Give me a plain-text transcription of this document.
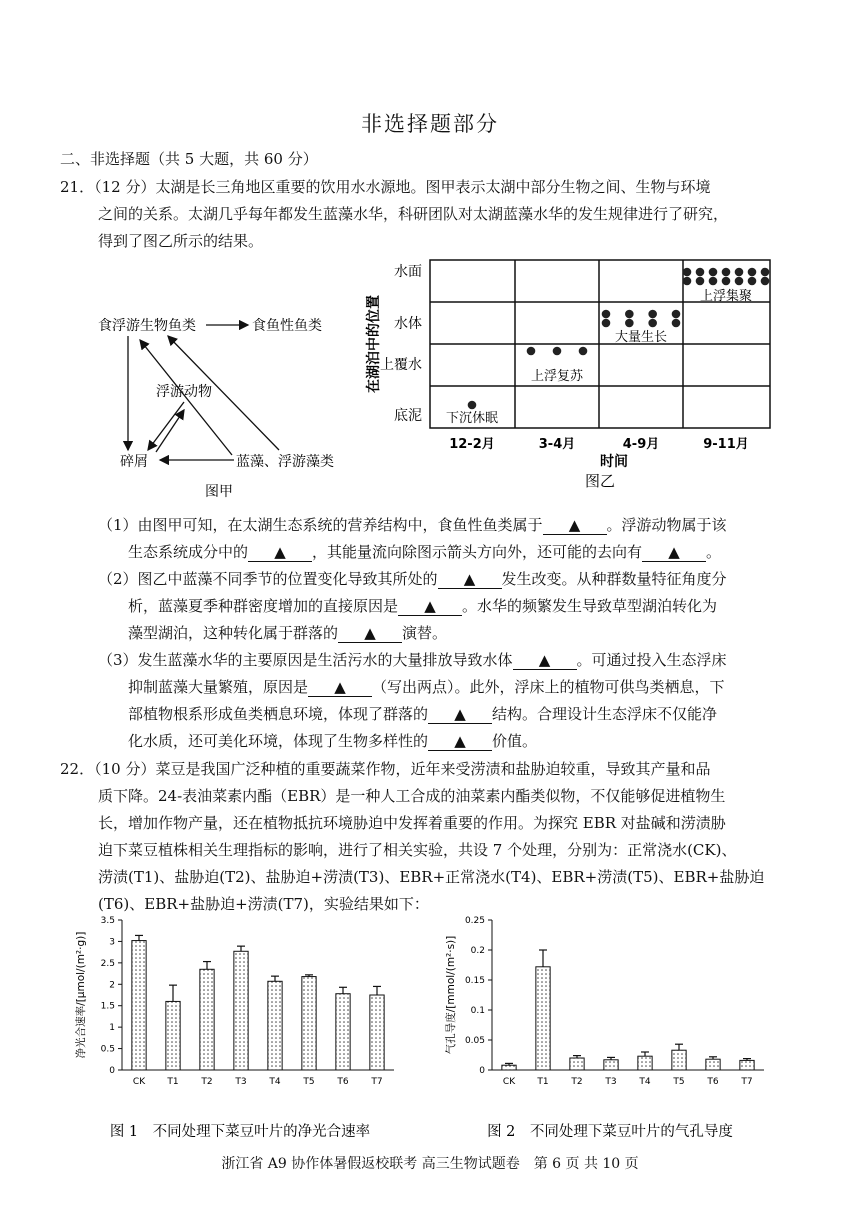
非选择题部分
二、非选择题（共 5 大题，共 60 分）
21．（12 分）太湖是长三角地区重要的饮用水水源地。图甲表示太湖中部分生物之间、生物与环境
之间的关系。太湖几乎每年都发生蓝藻水华，科研团队对太湖蓝藻水华的发生规律进行了研究，
得到了图乙所示的结果。
食浮游生物鱼类	食鱼性鱼类
浮游动物
碎屑	蓝藻、浮游藻类
图甲
水面
水体
上覆水
底泥
在湖泊中的位置
12-2月	3-4月	4-9月	9-11月
时间
图乙
下沉休眠
上浮复苏
大量生长
上浮集聚
（1）由图甲可知，在太湖生态系统的营养结构中，食鱼性鱼类属于 ▲ 。浮游动物属于该
生态系统成分中的 ▲ ，其能量流向除图示箭头方向外，还可能的去向有 ▲ 。
（2）图乙中蓝藻不同季节的位置变化导致其所处的 ▲ 发生改变。从种群数量特征角度分
析，蓝藻夏季种群密度增加的直接原因是 ▲ 。水华的频繁发生导致草型湖泊转化为
藻型湖泊，这种转化属于群落的 ▲ 演替。
（3）发生蓝藻水华的主要原因是生活污水的大量排放导致水体 ▲ 。可通过投入生态浮床
抑制蓝藻大量繁殖，原因是 ▲ （写出两点）。此外，浮床上的植物可供鸟类栖息，下
部植物根系形成鱼类栖息环境，体现了群落的 ▲ 结构。合理设计生态浮床不仅能净
化水质，还可美化环境，体现了生物多样性的 ▲ 价值。
22．（10 分）菜豆是我国广泛种植的重要蔬菜作物，近年来受涝渍和盐胁迫较重，导致其产量和品
质下降。24-表油菜素内酯（EBR）是一种人工合成的油菜素内酯类似物，不仅能够促进植物生
长，增加作物产量，还在植物抵抗环境胁迫中发挥着重要的作用。为探究 EBR 对盐碱和涝渍胁
迫下菜豆植株相关生理指标的影响，进行了相关实验，共设 7 个处理，分别为：正常浇水(CK)、
涝渍(T1)、盐胁迫(T2)、盐胁迫+涝渍(T3)、EBR+正常浇水(T4)、EBR+涝渍(T5)、EBR+盐胁迫
(T6)、EBR+盐胁迫+涝渍(T7)，实验结果如下：
0
0.5
1
1.5
2
2.5
3
3.5
CK T1	T2	T3	T4	T5	T6	T7
净光合速率/[μmol/(m²·g)]
图 1　不同处理下菜豆叶片的净光合速率
0
0.05
0.1
0.15
0.2
0.25
CK T1	T2	T3	T4	T5	T6	T7
气孔导度/[mmol/(m²·s)]
图 2　不同处理下菜豆叶片的气孔导度
浙江省 A9 协作体暑假返校联考 高三生物试题卷　第 6 页 共 10 页
